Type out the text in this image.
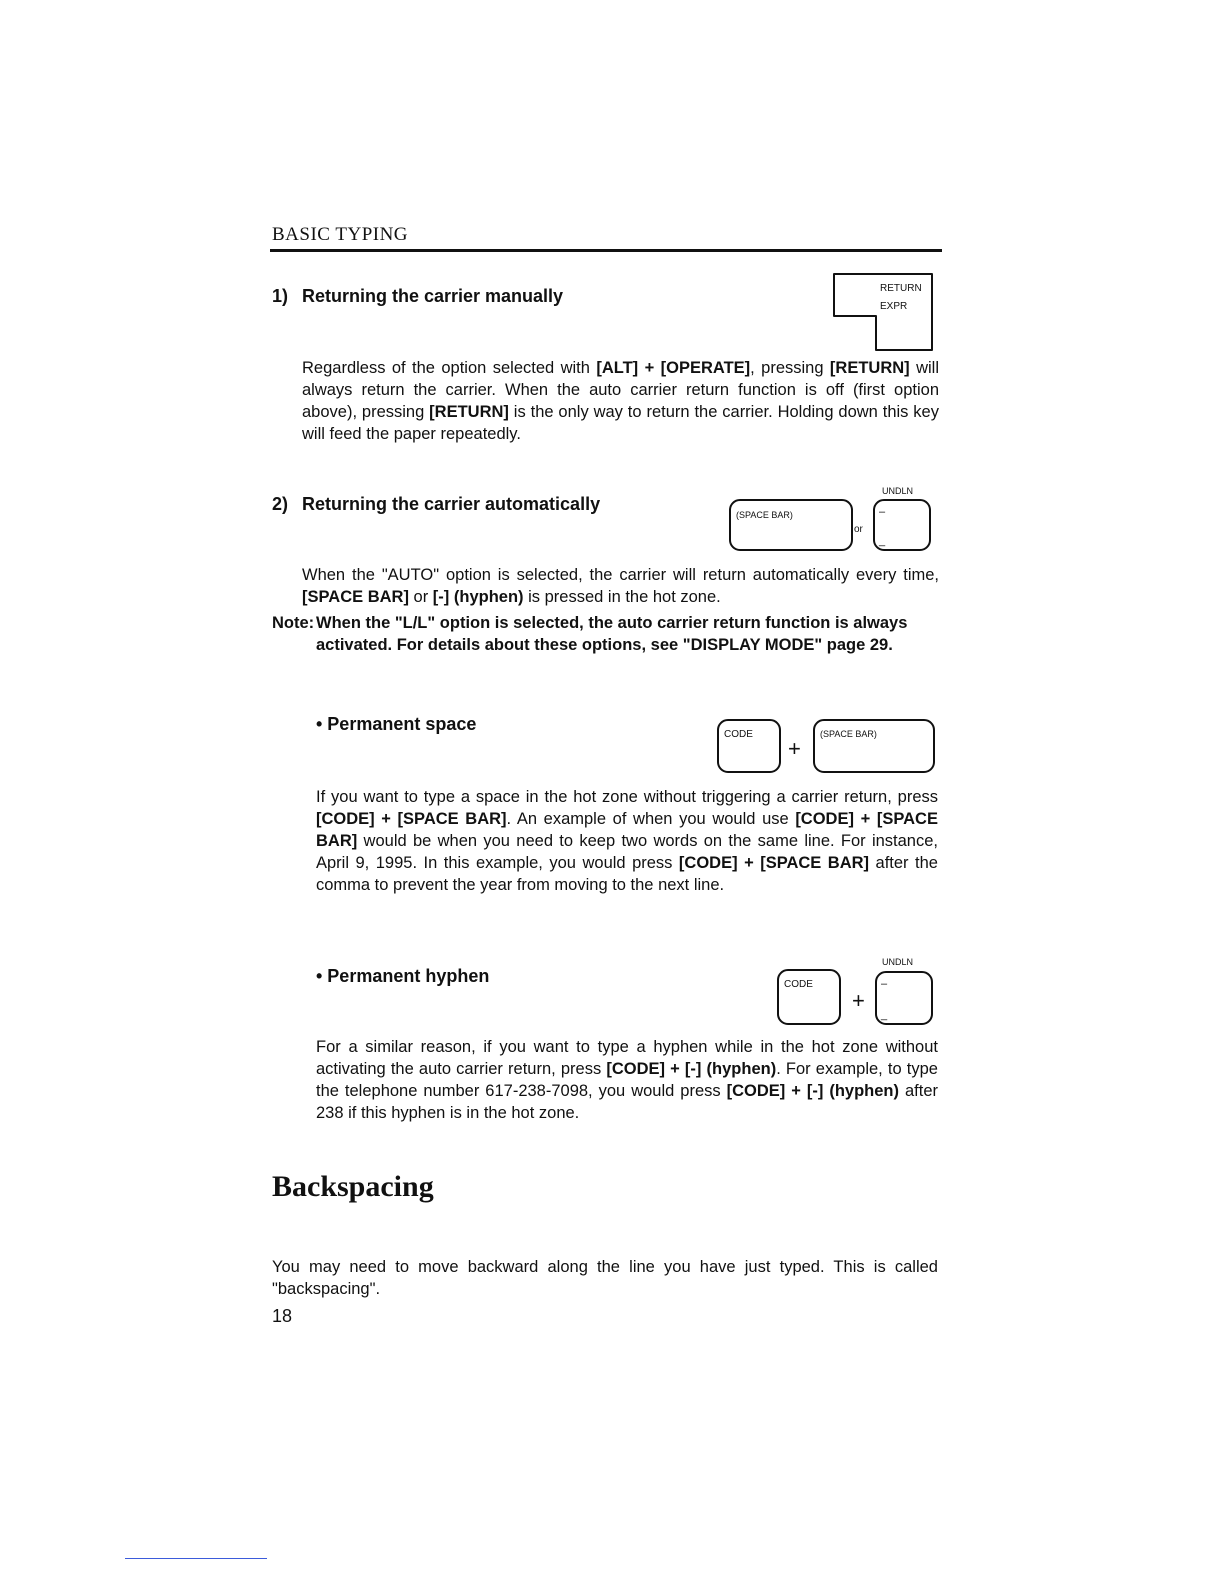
BASIC TYPING
1) Returning the carrier manually	RETURN
EXPR

Regardless of the option selected with [ALT] + [OPERATE], pressing [RETURN] will always return the carrier. When the auto carrier return function is off (first option above), pressing [RETURN] is the only way to return the carrier. Holding down this key will feed the paper repeatedly.

2) Returning the carrier automatically
(SPACE BAR)
or
UNDLN
–
_

When the "AUTO" option is selected, the carrier will return automatically every time, [SPACE BAR] or [-] (hyphen) is pressed in the hot zone.

Note: When the "L/L" option is selected, the auto carrier return function is always activated. For details about these options, see "DISPLAY MODE" page 29.
• Permanent space
CODE
+
(SPACE BAR)

If you want to type a space in the hot zone without triggering a carrier return, press [CODE] + [SPACE BAR]. An example of when you would use [CODE] + [SPACE BAR] would be when you need to keep two words on the same line. For instance, April 9, 1995. In this example, you would press [CODE] + [SPACE BAR] after the comma to prevent the year from moving to the next line.

• Permanent hyphen	CODE
+
UNDLN
–
_

For a similar reason, if you want to type a hyphen while in the hot zone without activating the auto carrier return, press [CODE] + [-] (hyphen). For example, to type the telephone number 617-238-7098, you would press [CODE] + [-] (hyphen) after 238 if this hyphen is in the hot zone.

Backspacing

You may need to move backward along the line you have just typed. This is called "backspacing".

18
